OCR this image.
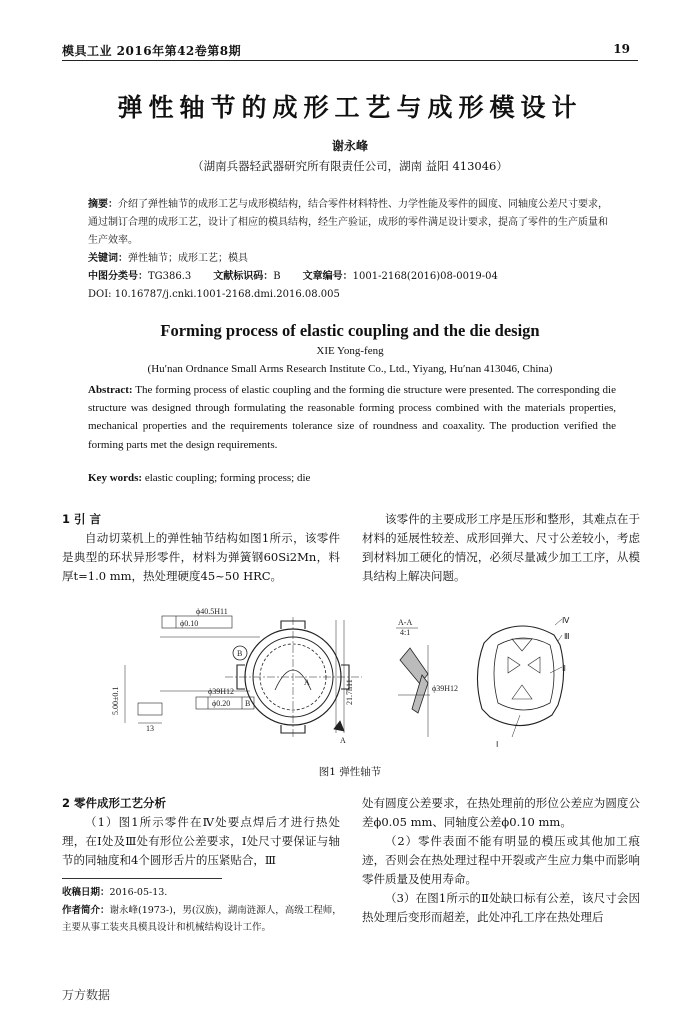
模具工业 2016年第42卷第8期	19
弹性轴节的成形工艺与成形模设计
谢永峰
（湖南兵器轻武器研究所有限责任公司，湖南 益阳 413046）
摘要：介绍了弹性轴节的成形工艺与成形模结构，结合零件材料特性、力学性能及零件的圆度、同轴度公差尺寸要求，通过制订合理的成形工艺，设计了相应的模具结构，经生产验证，成形的零件满足设计要求，提高了零件的生产质量和生产效率。
关键词：弹性轴节；成形工艺；模具
中图分类号：TG386.3 文献标识码：B 文章编号：1001-2168(2016)08-0019-04
DOI: 10.16787/j.cnki.1001-2168.dmi.2016.08.005
Forming process of elastic coupling and the die design
XIE Yong-feng
(Hu′nan Ordnance Small Arms Research Institute Co., Ltd., Yiyang, Hu′nan 413046, China)
Abstract: The forming process of elastic coupling and the forming die structure were presented. The corresponding die structure was designed through formulating the reasonable forming process combined with the materials properties, mechanical properties and the requirements tolerance size of roundness and coaxality. The production verified the forming parts met the design requirements.
Key words: elastic coupling; forming process; die
1 引 言
自动切菜机上的弹性轴节结构如图1所示，该零件是典型的环状异形零件，材料为弹簧钢60Si2Mn，料厚t=1.0 mm，热处理硬度45~50 HRC。
该零件的主要成形工序是压形和整形，其难点在于材料的延展性较差、成形回弹大、尺寸公差较小，考虑到材料加工硬化的情况，必须尽量减少加工工序，从模具结构上解决问题。
ϕ40.5H11
ϕ0.10
B
ϕ39H12
ϕ0.20 B
5.00±0.1
13
21.7h11
A
A
A-A
4:1
ϕ39H12
Ⅳ
Ⅲ
Ⅱ
Ⅰ
图1 弹性轴节
2 零件成形工艺分析
（1）图1所示零件在Ⅳ处要点焊后才进行热处理，在Ⅰ处及Ⅲ处有形位公差要求，Ⅰ处尺寸要保证与轴节的同轴度和4个圆形舌片的压紧贴合，Ⅲ
处有圆度公差要求，在热处理前的形位公差应为圆度公差ϕ0.05 mm、同轴度公差ϕ0.10 mm。
（2）零件表面不能有明显的模压或其他加工痕迹，否则会在热处理过程中开裂或产生应力集中而影响零件质量及使用寿命。
（3）在图1所示的Ⅱ处缺口标有公差，该尺寸会因热处理后变形而超差，此处冲孔工序在热处理后
收稿日期：2016-05-13.
作者简介：谢永峰(1973-)，男(汉族)，湖南涟源人，高级工程师，主要从事工装夹具模具设计和机械结构设计工作。
万方数据
